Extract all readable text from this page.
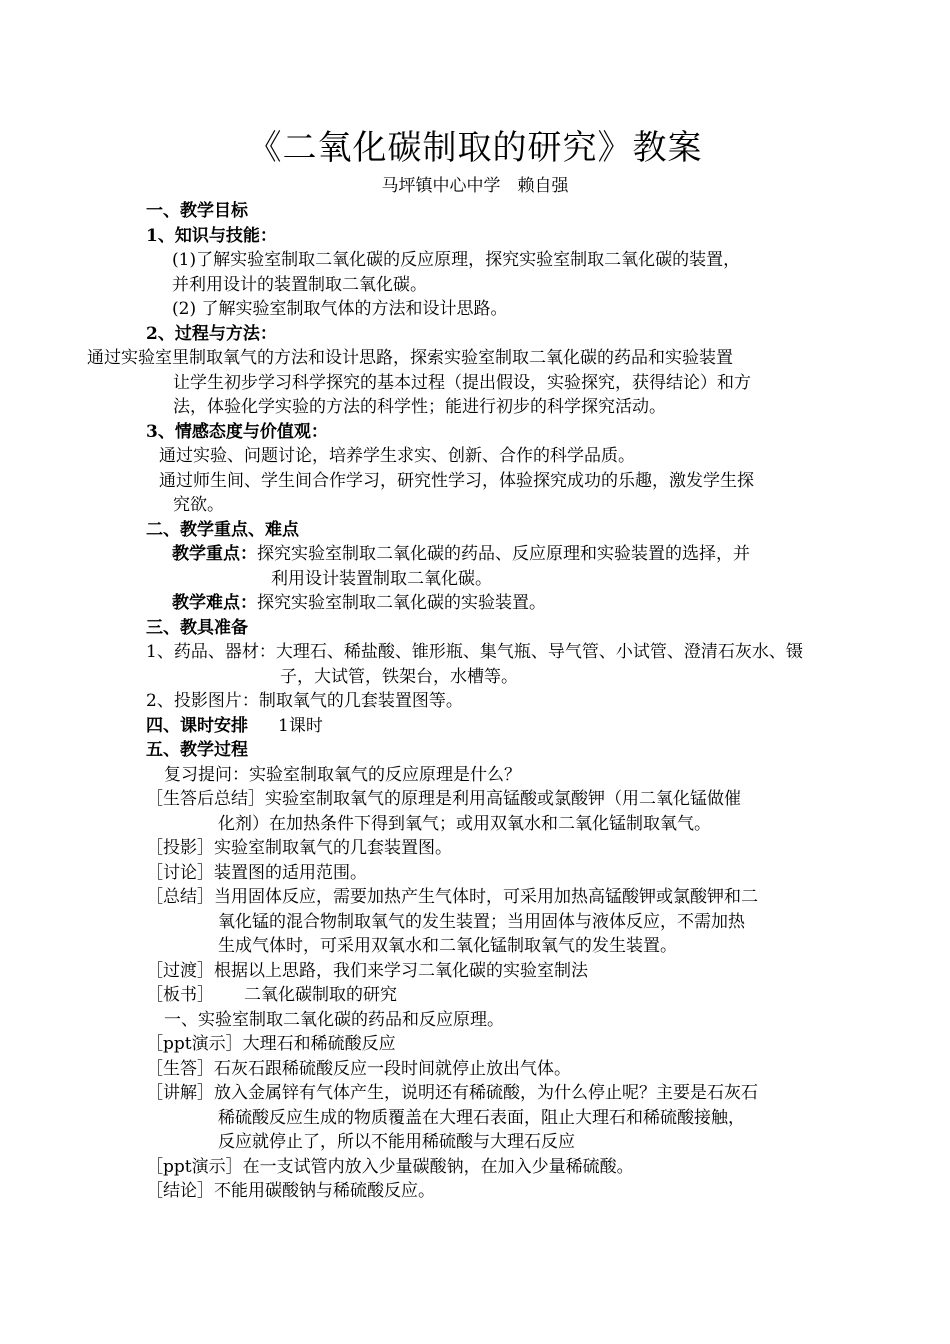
《二氧化碳制取的研究》教案
马坪镇中心中学　赖自强
一、教学目标
1、知识与技能：
(1)了解实验室制取二氧化碳的反应原理，探究实验室制取二氧化碳的装置，
并利用设计的装置制取二氧化碳。
(2) 了解实验室制取气体的方法和设计思路。
2、过程与方法：
通过实验室里制取氧气的方法和设计思路，探索实验室制取二氧化碳的药品和实验装置
让学生初步学习科学探究的基本过程（提出假设，实验探究，获得结论）和方
法，体验化学实验的方法的科学性；能进行初步的科学探究活动。
3、情感态度与价值观：
通过实验、问题讨论，培养学生求实、创新、合作的科学品质。
通过师生间、学生间合作学习，研究性学习，体验探究成功的乐趣，激发学生探
究欲。
二、教学重点、难点
教学重点：探究实验室制取二氧化碳的药品、反应原理和实验装置的选择，并
利用设计装置制取二氧化碳。
教学难点：探究实验室制取二氧化碳的实验装置。
三、教具准备
1、药品、器材：大理石、稀盐酸、锥形瓶、集气瓶、导气管、小试管、澄清石灰水、镊
子，大试管，铁架台，水槽等。
2、投影图片：制取氧气的几套装置图等。
四、课时安排 1课时
五、教学过程
复习提问：实验室制取氧气的反应原理是什么？
［生答后总结］实验室制取氧气的原理是利用高锰酸或氯酸钾（用二氧化锰做催
化剂）在加热条件下得到氧气；或用双氧水和二氧化锰制取氧气。
［投影］实验室制取氧气的几套装置图。
［讨论］装置图的适用范围。
［总结］当用固体反应，需要加热产生气体时，可采用加热高锰酸钾或氯酸钾和二
氧化锰的混合物制取氧气的发生装置；当用固体与液体反应，不需加热
生成气体时，可采用双氧水和二氧化锰制取氧气的发生装置。
［过渡］根据以上思路，我们来学习二氧化碳的实验室制法
［板书］ 二氧化碳制取的研究
一、实验室制取二氧化碳的药品和反应原理。
［ppt演示］大理石和稀硫酸反应
［生答］石灰石跟稀硫酸反应一段时间就停止放出气体。
［讲解］放入金属锌有气体产生，说明还有稀硫酸，为什么停止呢？主要是石灰石
稀硫酸反应生成的物质覆盖在大理石表面，阻止大理石和稀硫酸接触，
反应就停止了，所以不能用稀硫酸与大理石反应
［ppt演示］在一支试管内放入少量碳酸钠，在加入少量稀硫酸。
［结论］不能用碳酸钠与稀硫酸反应。
